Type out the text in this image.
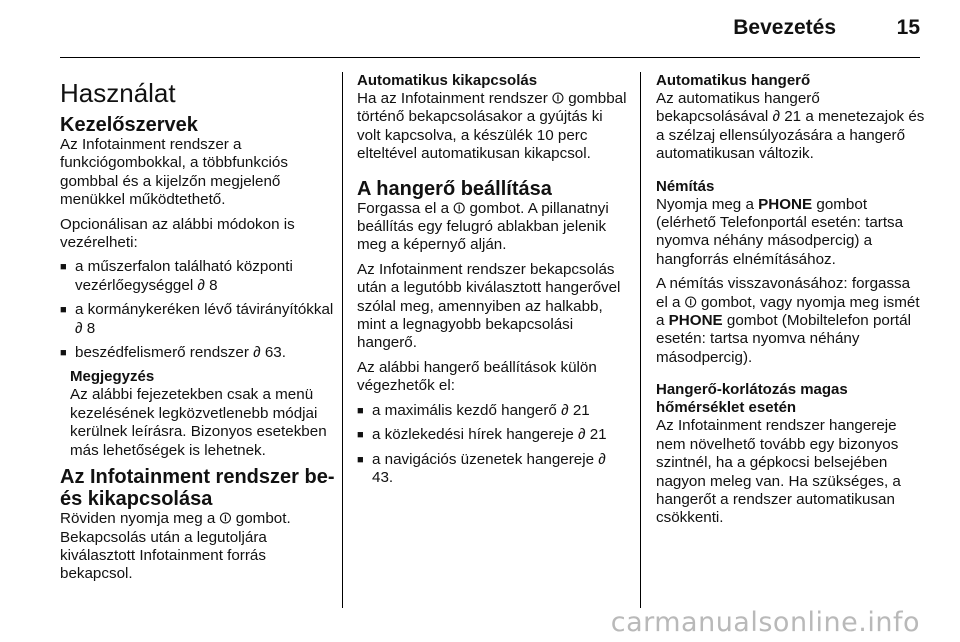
Bevezetés	15
Használat
Kezelőszervek

Az Infotainment rendszer a funkciógombokkal, a többfunkciós gombbal és a kijelzőn megjelenő menükkel működtethető.

Opcionálisan az alábbi módokon is vezérelheti:

■ a műszerfalon található központi vezérlőegységgel ∂ 8
■ a kormánykeréken lévő távirányítókkal ∂ 8
■ beszédfelismerő rendszer ∂ 63.
Megjegyzés
Az alábbi fejezetekben csak a menü kezelésének legközvetlenebb módjai kerülnek leírásra. Bizonyos esetekben más lehetőségek is lehetnek.
Az Infotainment rendszer be- és kikapcsolása

Röviden nyomja meg a ⏼ gombot. Bekapcsolás után a legutoljára kiválasztott Infotainment forrás bekapcsol.

Automatikus kikapcsolás

Ha az Infotainment rendszer ⏼ gombbal történő bekapcsolásakor a gyújtás ki volt kapcsolva, a készülék 10 perc elteltével automatikusan kikapcsol.

A hangerő beállítása

Forgassa el a ⏼ gombot. A pillanatnyi beállítás egy felugró ablakban jelenik meg a képernyő alján.

Az Infotainment rendszer bekapcsolás után a legutóbb kiválasztott hangerővel szólal meg, amennyiben az halkabb, mint a legnagyobb bekapcsolási hangerő.

Az alábbi hangerő beállítások külön végezhetők el:

■ a maximális kezdő hangerő ∂ 21
■ a közlekedési hírek hangereje ∂ 21
■ a navigációs üzenetek hangereje ∂ 43.
Automatikus hangerő

Az automatikus hangerő bekapcsolásával ∂ 21 a menetezajok és a szélzaj ellensúlyozására a hangerő automatikusan változik.

Némítás

Nyomja meg a PHONE gombot (elérhető Telefonportál esetén: tartsa nyomva néhány másodpercig) a hangforrás elnémításához.

A némítás visszavonásához: forgassa el a ⏼ gombot, vagy nyomja meg ismét a PHONE gombot (Mobiltelefon portál esetén: tartsa nyomva néhány másodpercig).

Hangerő-korlátozás magas hőmérséklet esetén

Az Infotainment rendszer hangereje nem növelhető tovább egy bizonyos szintnél, ha a gépkocsi belsejében nagyon meleg van. Ha szükséges, a hangerőt a rendszer automatikusan csökkenti.

carmanualsonline.info
